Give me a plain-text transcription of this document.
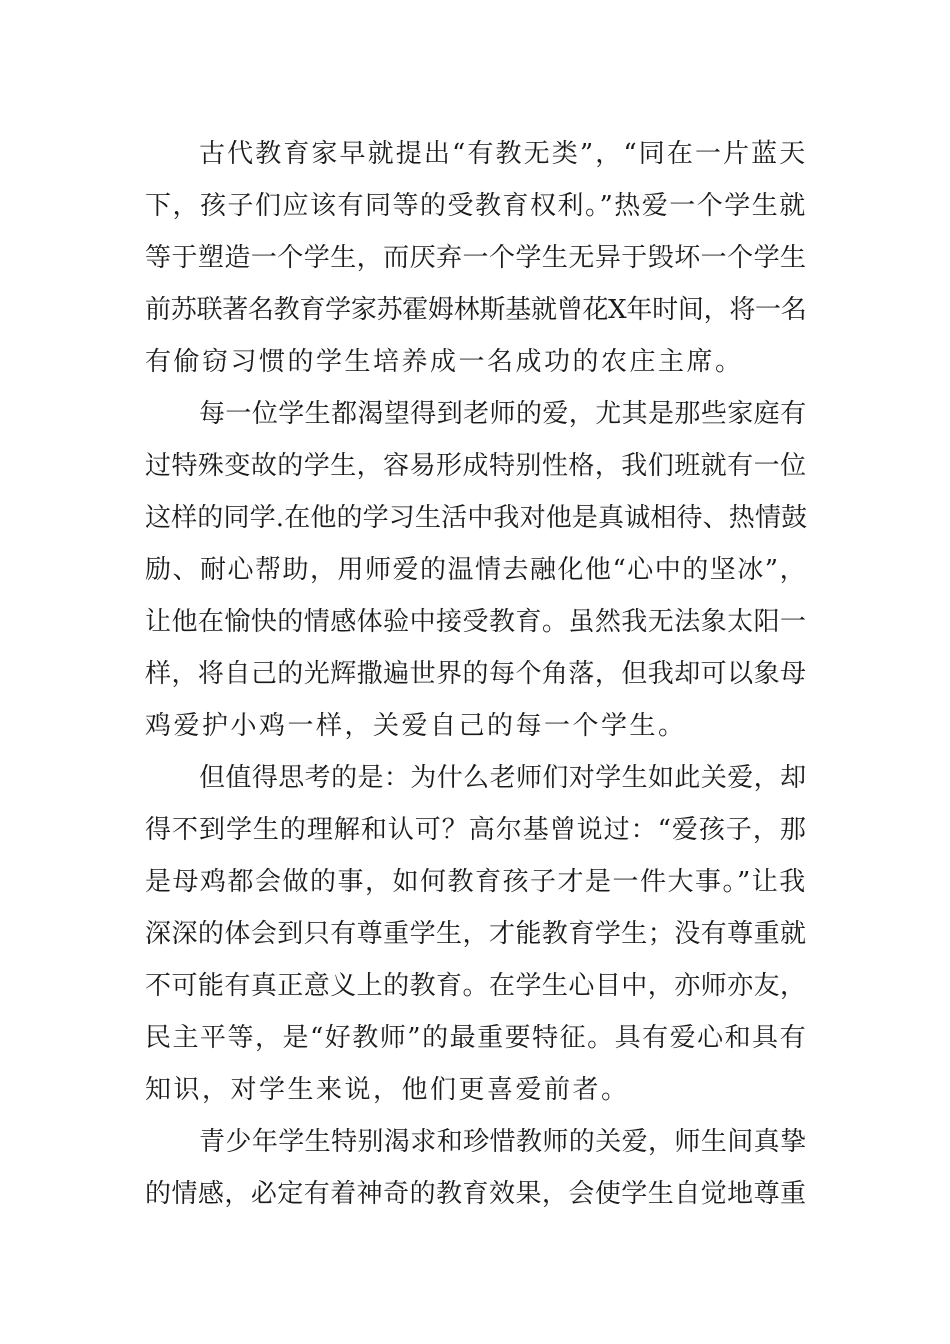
古代教育家早就提出“有教无类”，“同在一片蓝天
下，孩子们应该有同等的受教育权利。”热爱一个学生就
等于塑造一个学生，而厌弃一个学生无异于毁坏一个学生
前苏联著名教育学家苏霍姆林斯基就曾花X年时间，将一名
有偷窃习惯的学生培养成一名成功的农庄主席。
每一位学生都渴望得到老师的爱，尤其是那些家庭有
过特殊变故的学生，容易形成特别性格，我们班就有一位
这样的同学.在他的学习生活中我对他是真诚相待、热情鼓
励、耐心帮助，用师爱的温情去融化他“心中的坚冰”，
让他在愉快的情感体验中接受教育。虽然我无法象太阳一
样，将自己的光辉撒遍世界的每个角落，但我却可以象母
鸡爱护小鸡一样，关爱自己的每一个学生。
但值得思考的是：为什么老师们对学生如此关爱，却
得不到学生的理解和认可？高尔基曾说过：“爱孩子，那
是母鸡都会做的事，如何教育孩子才是一件大事。”让我
深深的体会到只有尊重学生，才能教育学生；没有尊重就
不可能有真正意义上的教育。在学生心目中，亦师亦友，
民主平等，是“好教师”的最重要特征。具有爱心和具有
知识，对学生来说，他们更喜爱前者。
青少年学生特别渴求和珍惜教师的关爱，师生间真挚
的情感，必定有着神奇的教育效果，会使学生自觉地尊重
